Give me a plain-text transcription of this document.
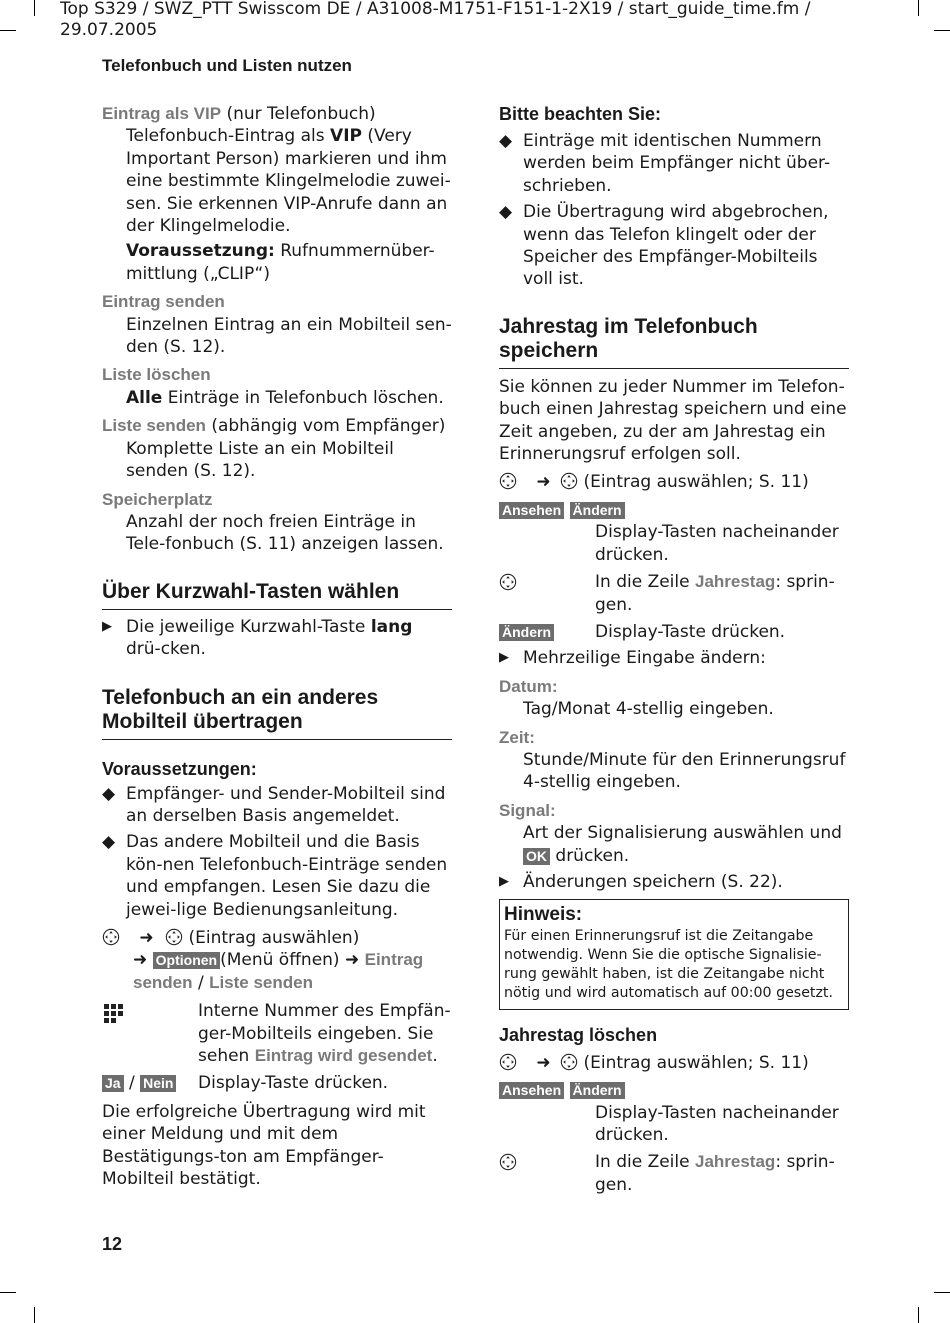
Top S329 / SWZ_PTT Swisscom DE / A31008-M1751-F151-1-2X19 / start_guide_time.fm /
29.07.2005
Telefonbuch und Listen nutzen
Eintrag als VIP (nur Telefonbuch)
Telefonbuch-Eintrag als VIP (Very Important Person) markieren und ihm eine bestimmte Klingelmelodie zuwei-sen. Sie erkennen VIP-Anrufe dann an der Klingelmelodie.
Voraussetzung: Rufnummernüber-mittlung („CLIP“)
Eintrag senden
Einzelnen Eintrag an ein Mobilteil sen-den (S. 12).
Liste löschen
Alle Einträge in Telefonbuch löschen.
Liste senden (abhängig vom Empfänger)
Komplette Liste an ein Mobilteil senden (S. 12).
Speicherplatz
Anzahl der noch freien Einträge in Tele-fonbuch (S. 11) anzeigen lassen.
Über Kurzwahl-Tasten wählen
▶ Die jeweilige Kurzwahl-Taste lang drü-cken.
Telefonbuch an ein anderes Mobilteil übertragen
Voraussetzungen:
◆ Empfänger- und Sender-Mobilteil sind an derselben Basis angemeldet.
◆ Das andere Mobilteil und die Basis kön-nen Telefonbuch-Einträge senden und empfangen. Lesen Sie dazu die jewei-lige Bedienungsanleitung.
➜ (Eintrag auswählen)
➜ Optionen (Menü öffnen) ➜ Eintrag senden / Liste senden
Interne Nummer des Empfän-ger-Mobilteils eingeben. Sie sehen Eintrag wird gesendet.
Ja / Nein Display-Taste drücken.
Die erfolgreiche Übertragung wird mit einer Meldung und mit dem Bestätigungs-ton am Empfänger-Mobilteil bestätigt.
Bitte beachten Sie:
◆ Einträge mit identischen Nummern werden beim Empfänger nicht über-schrieben.
◆ Die Übertragung wird abgebrochen, wenn das Telefon klingelt oder der Speicher des Empfänger-Mobilteils voll ist.
Jahrestag im Telefonbuch speichern
Sie können zu jeder Nummer im Telefon-buch einen Jahrestag speichern und eine Zeit angeben, zu der am Jahrestag ein Erinnerungsruf erfolgen soll.
➜ (Eintrag auswählen; S. 11)
Ansehen Ändern
Display-Tasten nacheinander drücken.
In die Zeile Jahrestag: sprin-gen.
Ändern	Display-Taste drücken.
▶ Mehrzeilige Eingabe ändern:
Datum:
Tag/Monat 4-stellig eingeben.
Zeit:
Stunde/Minute für den Erinnerungsruf 4-stellig eingeben.
Signal:
Art der Signalisierung auswählen und
OK drücken.
▶ Änderungen speichern (S. 22).
Hinweis:
Für einen Erinnerungsruf ist die Zeitangabe notwendig. Wenn Sie die optische Signalisie-rung gewählt haben, ist die Zeitangabe nicht nötig und wird automatisch auf 00:00 gesetzt.
Jahrestag löschen
➜ (Eintrag auswählen; S. 11)
Ansehen Ändern
Display-Tasten nacheinander drücken.
In die Zeile Jahrestag: sprin-gen.
12
